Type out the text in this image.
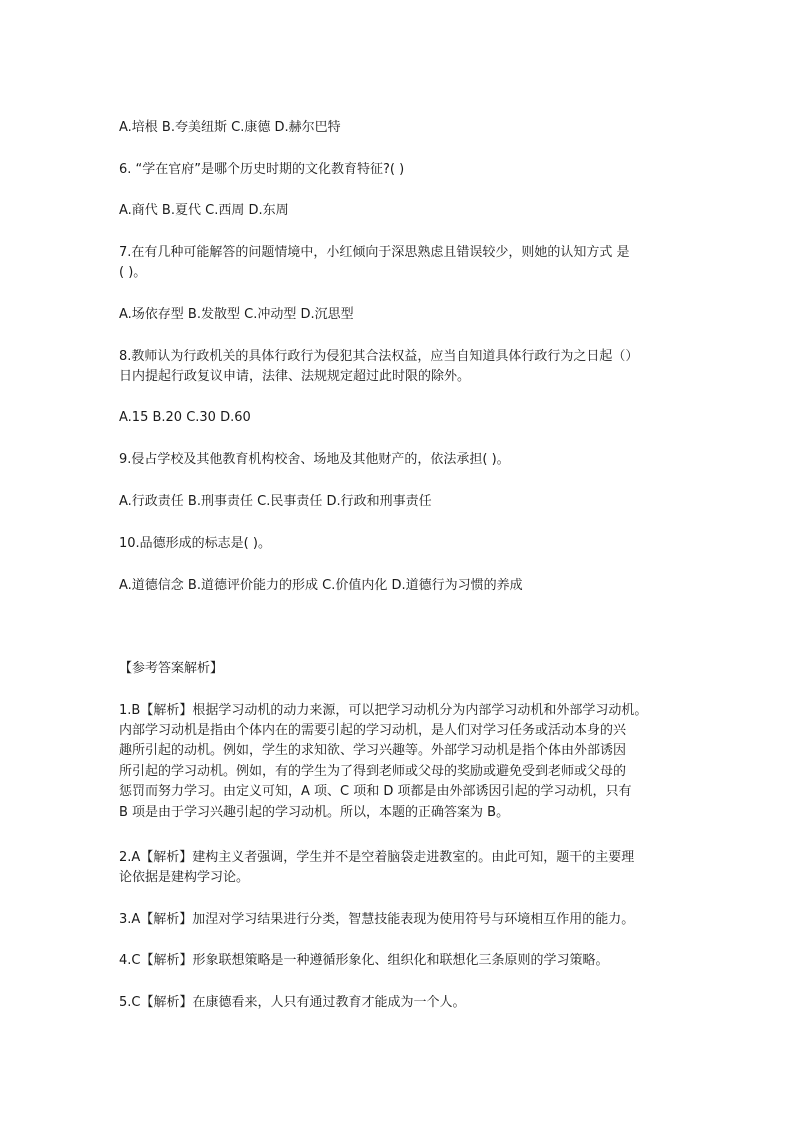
A.培根 B.夸美纽斯 C.康德 D.赫尔巴特
6. “学在官府”是哪个历史时期的文化教育特征?( )
A.商代 B.夏代 C.西周 D.东周
7.在有几种可能解答的问题情境中，小红倾向于深思熟虑且错误较少，则她的认知方式 是
( )。
A.场依存型 B.发散型 C.冲动型 D.沉思型
8.教师认为行政机关的具体行政行为侵犯其合法权益，应当自知道具体行政行为之日起（）
日内提起行政复议申请，法律、法规规定超过此时限的除外。
A.15 B.20 C.30 D.60
9.侵占学校及其他教育机构校舍、场地及其他财产的，依法承担( )。
A.行政责任 B.刑事责任 C.民事责任 D.行政和刑事责任
10.品德形成的标志是( )。
A.道德信念 B.道德评价能力的形成 C.价值内化 D.道德行为习惯的养成
【参考答案解析】
1.B【解析】根据学习动机的动力来源，可以把学习动机分为内部学习动机和外部学习动机。
内部学习动机是指由个体内在的需要引起的学习动机，是人们对学习任务或活动本身的兴
趣所引起的动机。例如，学生的求知欲、学习兴趣等。外部学习动机是指个体由外部诱因
所引起的学习动机。例如，有的学生为了得到老师或父母的奖励或避免受到老师或父母的
惩罚而努力学习。由定义可知，A 项、C 项和 D 项都是由外部诱因引起的学习动机，只有
B 项是由于学习兴趣引起的学习动机。所以，本题的正确答案为 B。
2.A【解析】建构主义者强调，学生并不是空着脑袋走进教室的。由此可知，题干的主要理
论依据是建构学习论。
3.A【解析】加涅对学习结果进行分类，智慧技能表现为使用符号与环境相互作用的能力。
4.C【解析】形象联想策略是一种遵循形象化、组织化和联想化三条原则的学习策略。
5.C【解析】在康德看来，人只有通过教育才能成为一个人。
